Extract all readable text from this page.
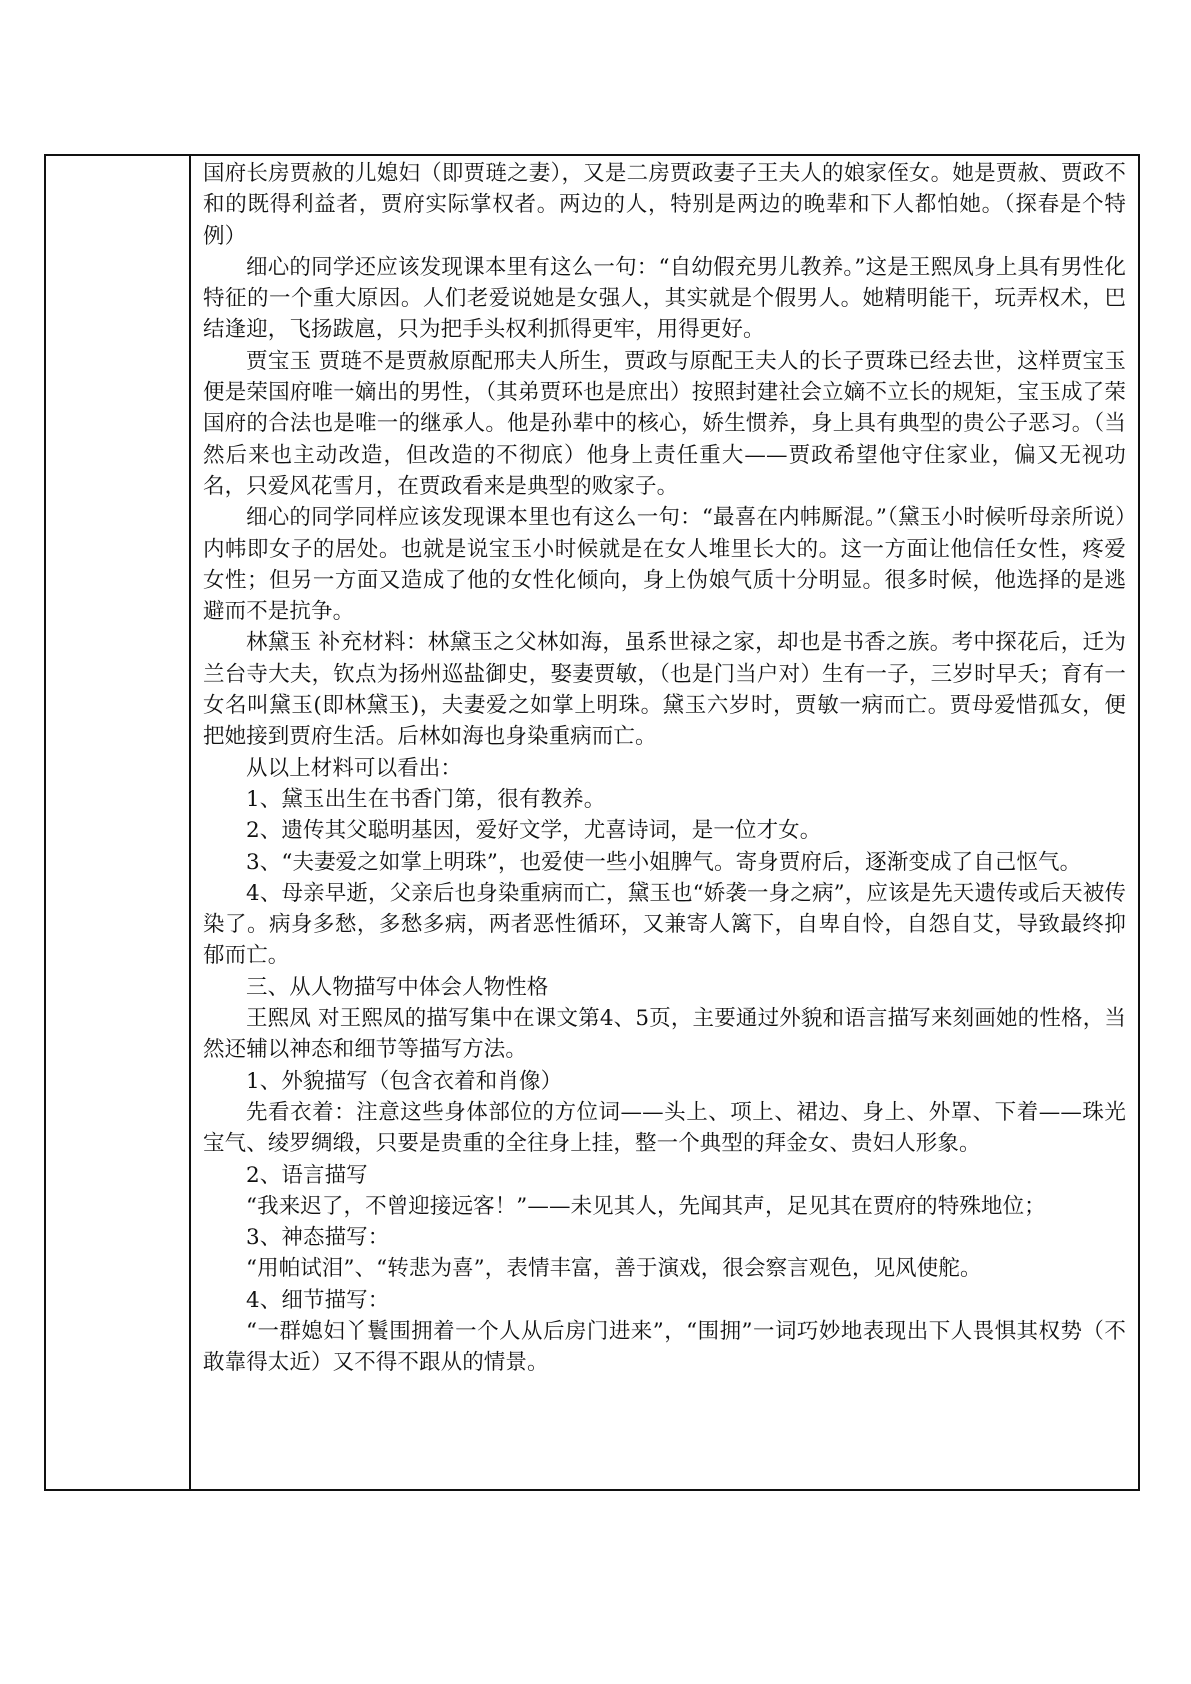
国府长房贾赦的儿媳妇（即贾琏之妻），又是二房贾政妻子王夫人的娘家侄女。她是贾赦、贾政不和的既得利益者，贾府实际掌权者。两边的人，特别是两边的晚辈和下人都怕她。（探春是个特例）

细心的同学还应该发现课本里有这么一句：“自幼假充男儿教养。”这是王熙凤身上具有男性化特征的一个重大原因。人们老爱说她是女强人，其实就是个假男人。她精明能干，玩弄权术，巴结逢迎，飞扬跋扈，只为把手头权利抓得更牢，用得更好。

贾宝玉 贾琏不是贾赦原配邢夫人所生，贾政与原配王夫人的长子贾珠已经去世，这样贾宝玉便是荣国府唯一嫡出的男性，（其弟贾环也是庶出）按照封建社会立嫡不立长的规矩，宝玉成了荣国府的合法也是唯一的继承人。他是孙辈中的核心，娇生惯养，身上具有典型的贵公子恶习。（当然后来也主动改造，但改造的不彻底）他身上责任重大——贾政希望他守住家业，偏又无视功名，只爱风花雪月，在贾政看来是典型的败家子。

细心的同学同样应该发现课本里也有这么一句：“最喜在内帏厮混。”（黛玉小时候听母亲所说）内帏即女子的居处。也就是说宝玉小时候就是在女人堆里长大的。这一方面让他信任女性，疼爱女性；但另一方面又造成了他的女性化倾向，身上伪娘气质十分明显。很多时候，他选择的是逃避而不是抗争。

林黛玉 补充材料：林黛玉之父林如海，虽系世禄之家，却也是书香之族。考中探花后，迁为兰台寺大夫，钦点为扬州巡盐御史，娶妻贾敏，（也是门当户对）生有一子，三岁时早夭；育有一女名叫黛玉(即林黛玉)，夫妻爱之如掌上明珠。黛玉六岁时，贾敏一病而亡。贾母爱惜孤女，便把她接到贾府生活。后林如海也身染重病而亡。

从以上材料可以看出：

1、黛玉出生在书香门第，很有教养。

2、遗传其父聪明基因，爱好文学，尤喜诗词，是一位才女。

3、“夫妻爱之如掌上明珠”，也爱使一些小姐脾气。寄身贾府后，逐渐变成了自己怄气。

4、母亲早逝，父亲后也身染重病而亡，黛玉也“娇袭一身之病”，应该是先天遗传或后天被传染了。病身多愁，多愁多病，两者恶性循环，又兼寄人篱下，自卑自怜，自怨自艾，导致最终抑郁而亡。

三、从人物描写中体会人物性格

王熙凤 对王熙凤的描写集中在课文第4、5页，主要通过外貌和语言描写来刻画她的性格，当然还辅以神态和细节等描写方法。

1、外貌描写（包含衣着和肖像）

先看衣着：注意这些身体部位的方位词——头上、项上、裙边、身上、外罩、下着——珠光宝气、绫罗绸缎，只要是贵重的全往身上挂，整一个典型的拜金女、贵妇人形象。

2、语言描写

“我来迟了，不曾迎接远客！”——未见其人，先闻其声，足见其在贾府的特殊地位；

3、神态描写：

“用帕试泪”、“转悲为喜”，表情丰富，善于演戏，很会察言观色，见风使舵。

4、细节描写：

“一群媳妇丫鬟围拥着一个人从后房门进来”，“围拥”一词巧妙地表现出下人畏惧其权势（不敢靠得太近）又不得不跟从的情景。
